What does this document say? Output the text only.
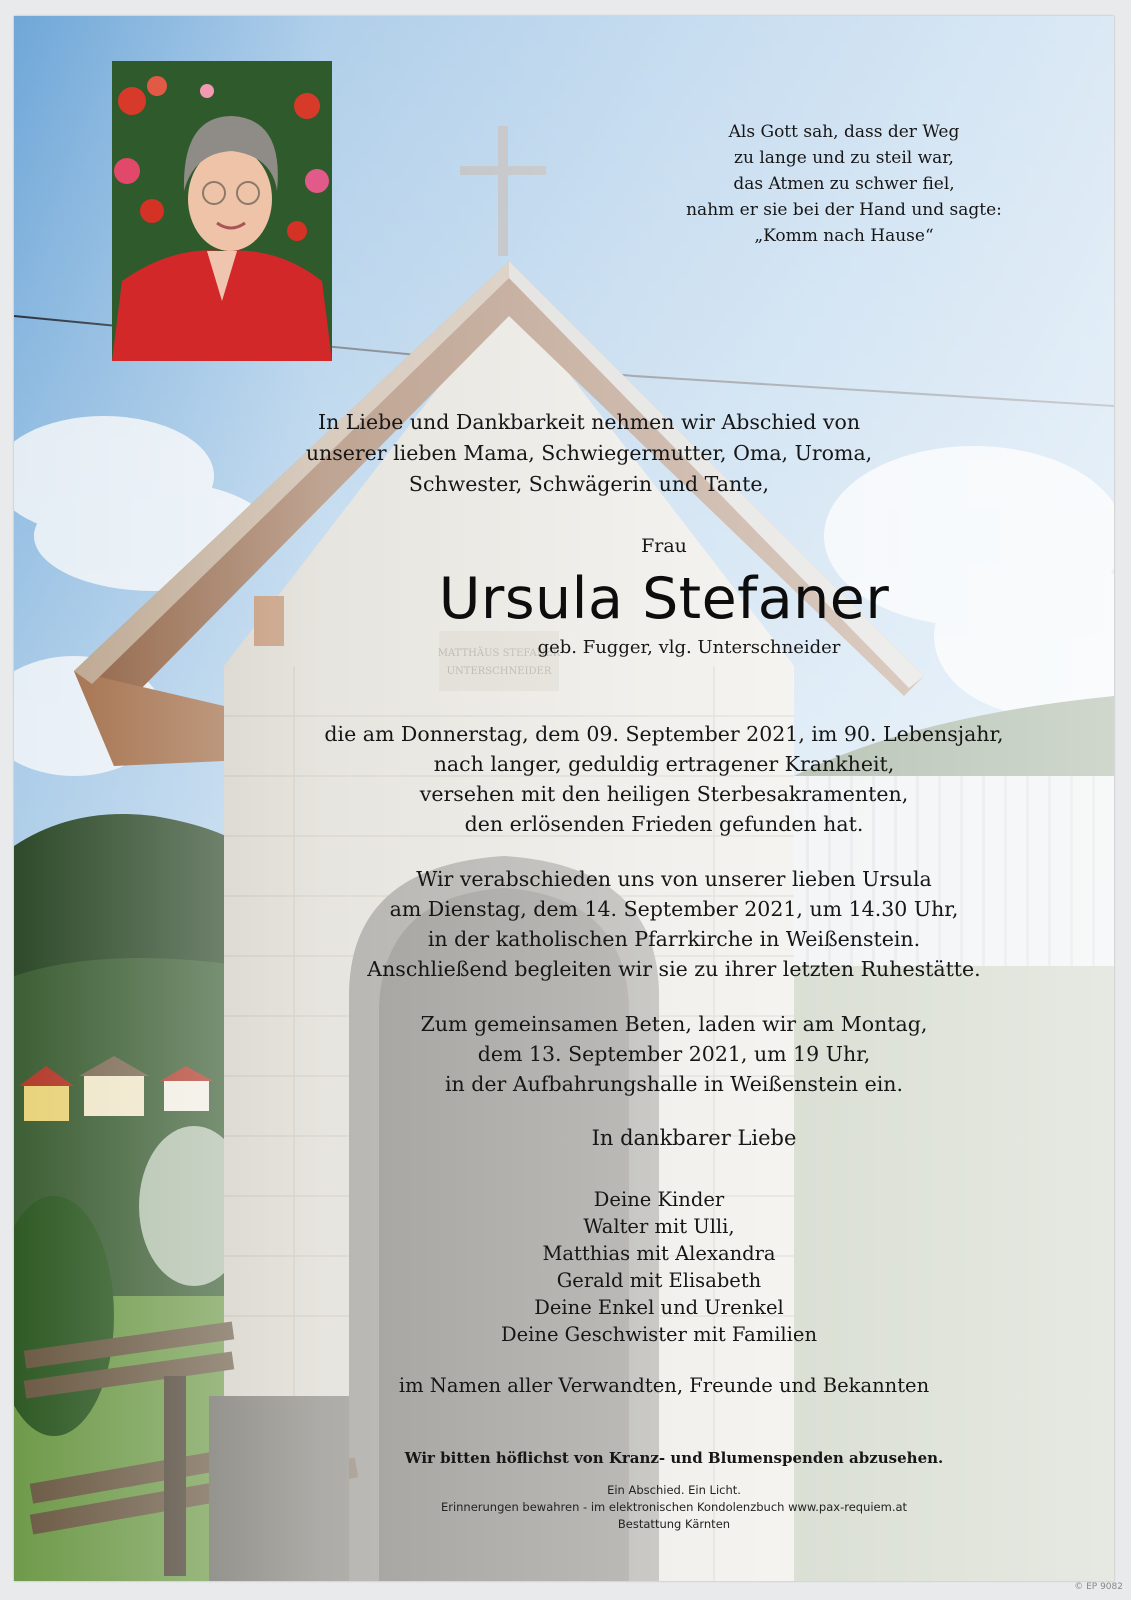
Als Gott sah, dass der Weg
zu lange und zu steil war,
das Atmen zu schwer fiel,
nahm er sie bei der Hand und sagte:
„Komm nach Hause“
In Liebe und Dankbarkeit nehmen wir Abschied von
unserer lieben Mama, Schwiegermutter, Oma, Uroma,
Schwester, Schwägerin und Tante,
Frau
Ursula Stefaner
geb. Fugger, vlg. Unterschneider
die am Donnerstag, dem 09. September 2021, im 90. Lebensjahr,
nach langer, geduldig ertragener Krankheit,
versehen mit den heiligen Sterbesakramenten,
den erlösenden Frieden gefunden hat.
Wir verabschieden uns von unserer lieben Ursula
am Dienstag, dem 14. September 2021, um 14.30 Uhr,
in der katholischen Pfarrkirche in Weißenstein.
Anschließend begleiten wir sie zu ihrer letzten Ruhestätte.
Zum gemeinsamen Beten, laden wir am Montag,
dem 13. September 2021, um 19 Uhr,
in der Aufbahrungshalle in Weißenstein ein.
In dankbarer Liebe
Deine Kinder
Walter mit Ulli,
Matthias mit Alexandra
Gerald mit Elisabeth
Deine Enkel und Urenkel
Deine Geschwister mit Familien
im Namen aller Verwandten, Freunde und Bekannten
Wir bitten höflichst von Kranz- und Blumenspenden abzusehen.
Ein Abschied. Ein Licht.
Erinnerungen bewahren - im elektronischen Kondolenzbuch www.pax-requiem.at
Bestattung Kärnten
© EP 9082
